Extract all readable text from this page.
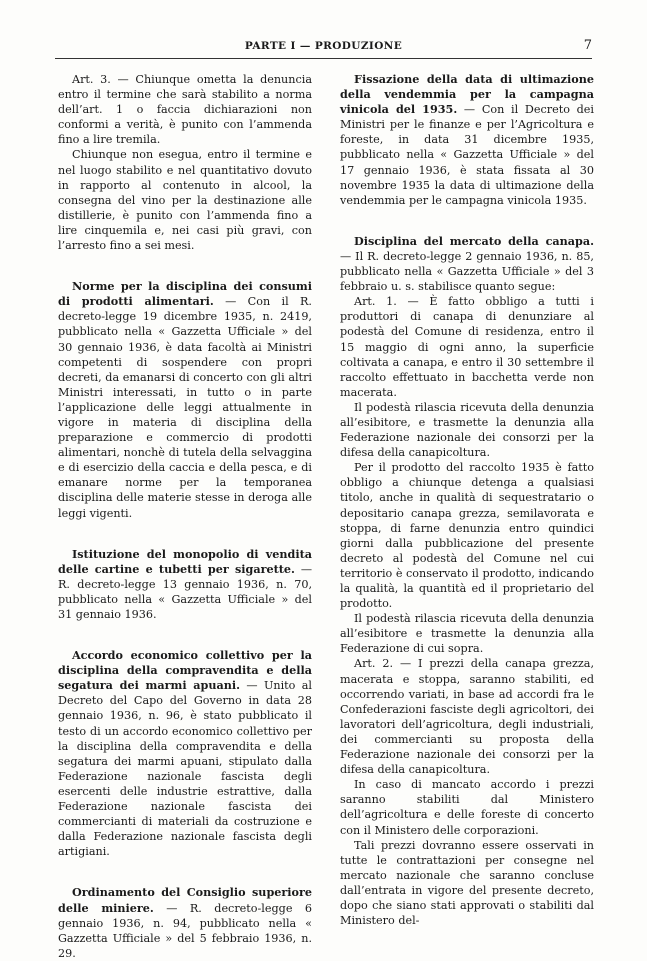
PARTE I — PRODUZIONE	7

Art. 3. — Chiunque ometta la denuncia entro il termine che sarà stabilito a norma dell’art. 1 o faccia dichiarazioni non conformi a verità, è punito con l’ammenda fino a lire tremila.

Chiunque non esegua, entro il termine e nel luogo stabilito e nel quantitativo dovuto in rapporto al contenuto in alcool, la consegna del vino per la destinazione alle distillerie, è punito con l’ammenda fino a lire cinquemila e, nei casi più gravi, con l’arresto fino a sei mesi.

Norme per la disciplina dei consumi di prodotti alimentari. — Con il R. decreto-legge 19 dicembre 1935, n. 2419, pubblicato nella « Gazzetta Ufficiale » del 30 gennaio 1936, è data facoltà ai Ministri competenti di sospendere con propri decreti, da emanarsi di concerto con gli altri Ministri interessati, in tutto o in parte l’applicazione delle leggi attualmente in vigore in materia di disciplina della preparazione e commercio di prodotti alimentari, nonchè di tutela della selvaggina e di esercizio della caccia e della pesca, e di emanare norme per la temporanea disciplina delle materie stesse in deroga alle leggi vigenti.

Istituzione del monopolio di vendita delle cartine e tubetti per sigarette. — R. decreto-legge 13 gennaio 1936, n. 70, pubblicato nella « Gazzetta Ufficiale » del 31 gennaio 1936.

Accordo economico collettivo per la disciplina della compravendita e della segatura dei marmi apuani. — Unito al Decreto del Capo del Governo in data 28 gennaio 1936, n. 96, è stato pubblicato il testo di un accordo economico collettivo per la disciplina della compravendita e della segatura dei marmi apuani, stipulato dalla Federazione nazionale fascista degli esercenti delle industrie estrattive, dalla Federazione nazionale fascista dei commercianti di materiali da costruzione e dalla Federazione nazionale fascista degli artigiani.

Ordinamento del Consiglio superiore delle miniere. — R. decreto-legge 6 gennaio 1936, n. 94, pubblicato nella « Gazzetta Ufficiale » del 5 febbraio 1936, n. 29.

Fissazione della data di ultimazione della vendemmia per la campagna vinicola del 1935. — Con il Decreto dei Ministri per le finanze e per l’Agricoltura e foreste, in data 31 dicembre 1935, pubblicato nella « Gazzetta Ufficiale » del 17 gennaio 1936, è stata fissata al 30 novembre 1935 la data di ultimazione della vendemmia per le campagna vinicola 1935.

Disciplina del mercato della canapa. — Il R. decreto-legge 2 gennaio 1936, n. 85, pubblicato nella « Gazzetta Ufficiale » del 3 febbraio u. s. stabilisce quanto segue:

Art. 1. — È fatto obbligo a tutti i produttori di canapa di denunziare al podestà del Comune di residenza, entro il 15 maggio di ogni anno, la superficie coltivata a canapa, e entro il 30 settembre il raccolto effettuato in bacchetta verde non macerata.

Il podestà rilascia ricevuta della denunzia all’esibitore, e trasmette la denunzia alla Federazione nazionale dei consorzi per la difesa della canapicoltura.

Per il prodotto del raccolto 1935 è fatto obbligo a chiunque detenga a qualsiasi titolo, anche in qualità di sequestratario o depositario canapa grezza, semilavorata e stoppa, di farne denunzia entro quindici giorni dalla pubblicazione del presente decreto al podestà del Comune nel cui territorio è conservato il prodotto, indicando la qualità, la quantità ed il proprietario del prodotto.

Il podestà rilascia ricevuta della denunzia all’esibitore e trasmette la denunzia alla Federazione di cui sopra.

Art. 2. — I prezzi della canapa grezza, macerata e stoppa, saranno stabiliti, ed occorrendo variati, in base ad accordi fra le Confederazioni fasciste degli agricoltori, dei lavoratori dell’agricoltura, degli industriali, dei commercianti su proposta della Federazione nazionale dei consorzi per la difesa della canapicoltura.

In caso di mancato accordo i prezzi saranno stabiliti dal Ministero dell’agricoltura e delle foreste di concerto con il Ministero delle corporazioni.

Tali prezzi dovranno essere osservati in tutte le contrattazioni per consegne nel mercato nazionale che saranno concluse dall’entrata in vigore del presente decreto, dopo che siano stati approvati o stabiliti dal Ministero del-
